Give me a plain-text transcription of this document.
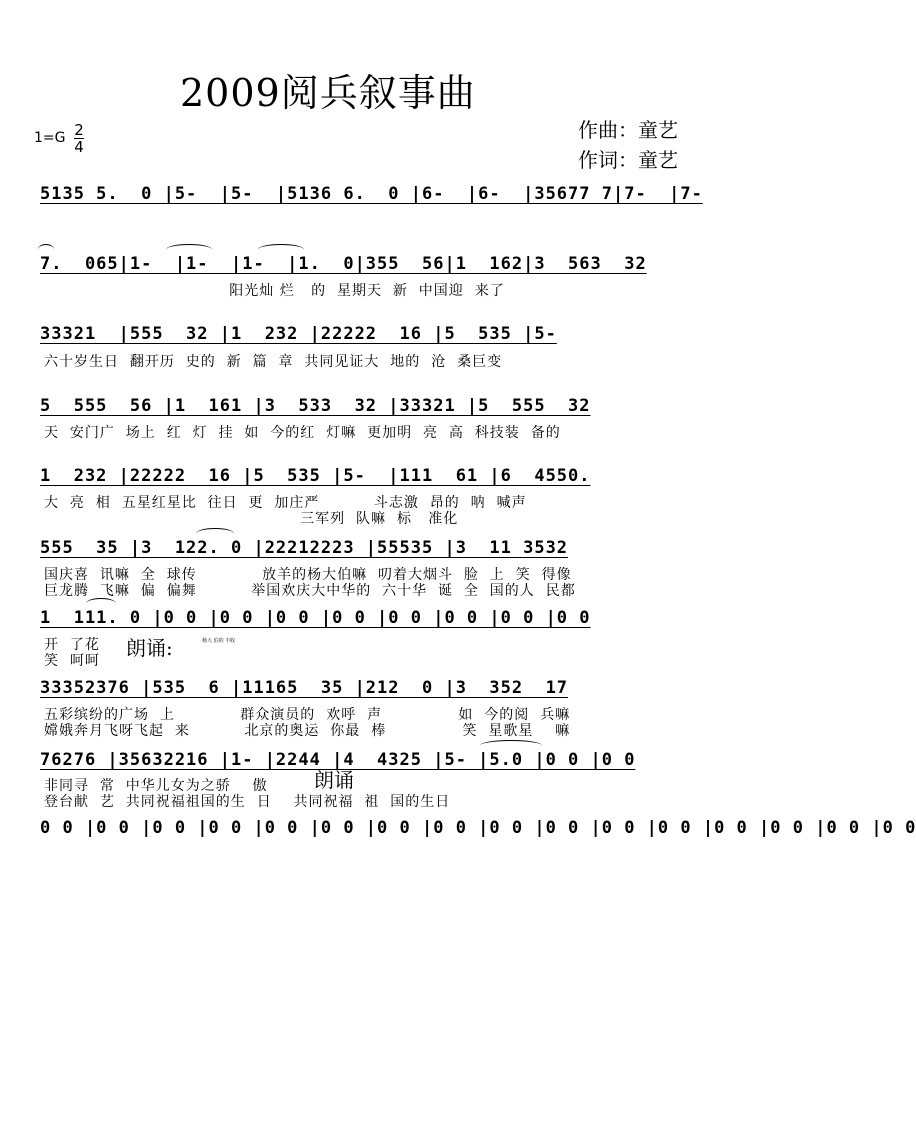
2009阅兵叙事曲
1=G 2
4
作曲：童艺
作词：童艺
5135 5.  0 |5-  |5-  |5136 6.  0 |6-  |6-  |35677 7|7-  |7-
7.  065|1-  |1-  |1-  |1.  0|355  56|1  162|3  563  32
阳光灿 烂   的  星期天  新  中国迎  来了
33321  |555  32 |1  232 |22222  16 |5  535 |5-
六十岁生日  翻开历  史的  新  篇  章  共同见证大  地的  沧  桑巨变
5  555  56 |1  161 |3  533  32 |33321 |5  555  32
天  安门广  场上  红  灯  挂  如  今的红  灯嘛  更加明  亮  高  科技装  备的
1  232 |22222  16 |5  535 |5-  |111  61 |6  4550.
大  亮  相  五星红星比  往日  更  加庄严          斗志激  昂的  呐  喊声
三军列  队嘛  标   准化
555  35 |3  122. 0 |22212223 |55535 |3  11 3532
国庆喜  讯嘛  全  球传            放羊的杨大伯嘛  叨着大烟斗  脸  上  笑  得像
巨龙腾  飞嘛  偏  偏舞          举国欢庆大中华的  六十华  诞  全  国的人  民都
1  111. 0 |0 0 |0 0 |0 0 |0 0 |0 0 |0 0 |0 0 |0 0
开  了花
笑  呵呵
朗诵:	杨大 伯的 丰收
33352376 |535  6 |11165  35 |212  0 |3  352  17
五彩缤纷的广场  上            群众演员的  欢呼  声              如  今的阅  兵嘛
嫦娥奔月飞呀飞起  来          北京的奥运  你最  棒              笑  星歌星    嘛
76276 |35632216 |1- |2244 |4  4325 |5- |5.0 |0 0 |0 0
非同寻  常  中华儿女为之骄    傲
登台献  艺  共同祝福祖国的生  日    共同祝福  祖  国的生日
朗诵
0 0 |0 0 |0 0 |0 0 |0 0 |0 0 |0 0 |0 0 |0 0 |0 0 |0 0 |0 0 |0 0 |0 0 |0 0 |0 0
